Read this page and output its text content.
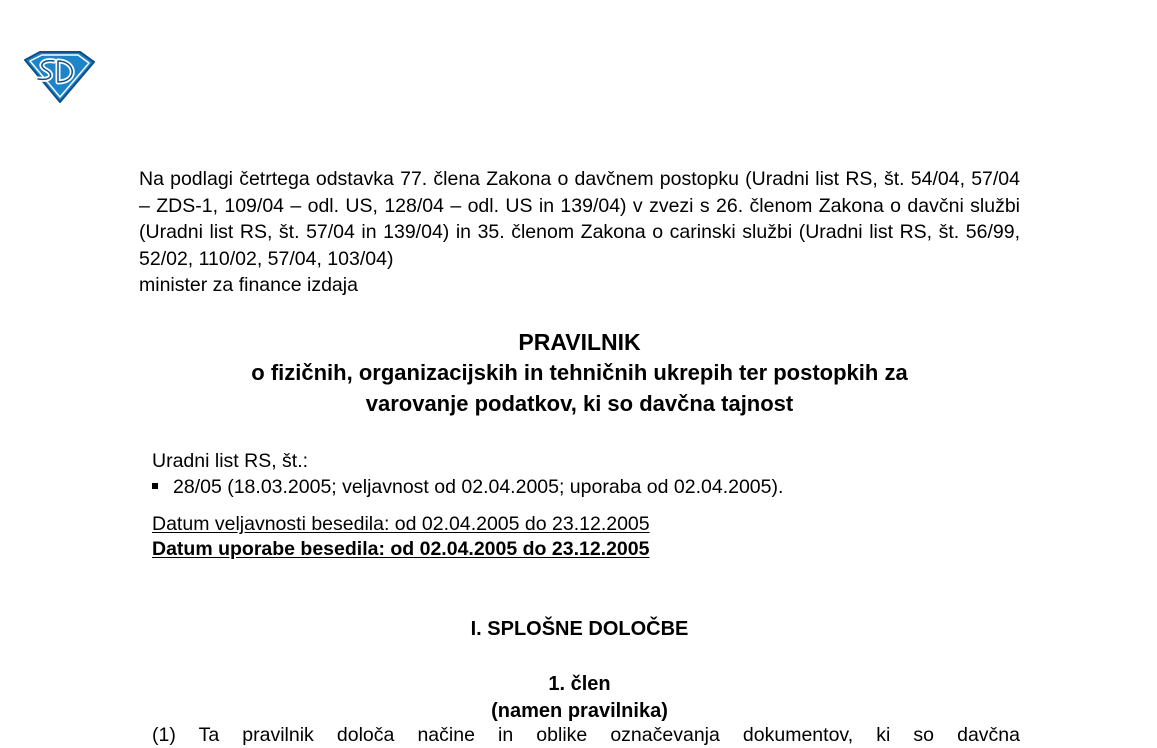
Na podlagi četrtega odstavka 77. člena Zakona o davčnem postopku (Uradni list RS, št. 54/04, 57/04 – ZDS-1, 109/04 – odl. US, 128/04 – odl. US in 139/04) v zvezi s 26. členom Zakona o davčni službi (Uradni list RS, št. 57/04 in 139/04) in 35. členom Zakona o carinski službi (Uradni list RS, št. 56/99, 52/02, 110/02, 57/04, 103/04)
minister za finance izdaja

PRAVILNIK
o fizičnih, organizacijskih in tehničnih ukrepih ter postopkih za
varovanje podatkov, ki so davčna tajnost
Uradni list RS, št.:
28/05 (18.03.2005; veljavnost od 02.04.2005; uporaba od 02.04.2005).
Datum veljavnosti besedila: od 02.04.2005 do 23.12.2005
Datum uporabe besedila: od 02.04.2005 do 23.12.2005
I. SPLOŠNE DOLOČBE
1. člen
(namen pravilnika)
(1) Ta pravilnik določa načine in oblike označevanja dokumentov, ki so davčna
